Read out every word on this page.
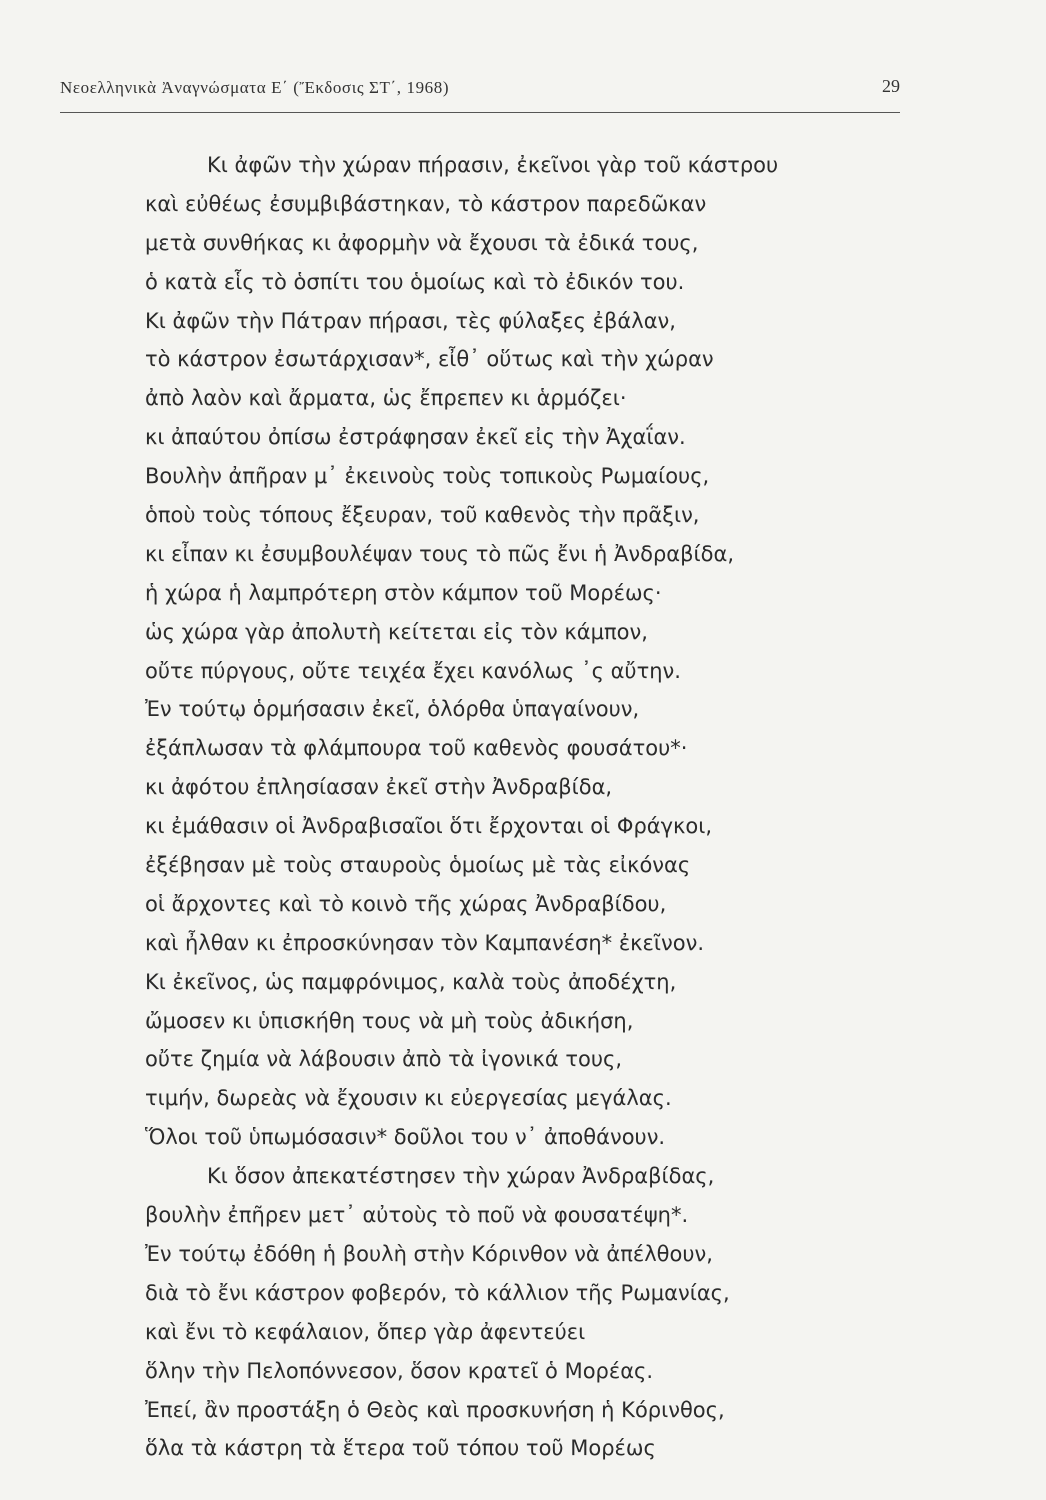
Νεοελληνικὰ Ἀναγνώσματα Ε΄ (Ἔκδοσις ΣΤ΄, 1968)	29
Κι ἀφῶν τὴν χώραν πήρασιν, ἐκεῖνοι γὰρ τοῦ κάστρου
καὶ εὐθέως ἐσυμβιβάστηκαν, τὸ κάστρον παρεδῶκαν
μετὰ συνθήκας κι ἀφορμὴν νὰ ἔχουσι τὰ ἐδικά τους,
ὁ κατὰ εἷς τὸ ὁσπίτι του ὁμοίως καὶ τὸ ἐδικόν του.
Κι ἀφῶν τὴν Πάτραν πήρασι, τὲς φύλαξες ἐβάλαν,
τὸ κάστρον ἐσωτάρχισαν*, εἶθ᾿ οὕτως καὶ τὴν χώραν
ἀπὸ λαὸν καὶ ἄρματα, ὡς ἔπρεπεν κι ἁρμόζει·
κι ἀπαύτου ὀπίσω ἐστράφησαν ἐκεῖ εἰς τὴν Ἀχαΐαν.
Βουλὴν ἀπῆραν μ᾿ ἐκεινοὺς τοὺς τοπικοὺς Ρωμαίους,
ὁποὺ τοὺς τόπους ἔξευραν, τοῦ καθενὸς τὴν πρᾶξιν,
κι εἶπαν κι ἐσυμβουλέψαν τους τὸ πῶς ἔνι ἡ Ἀνδραβίδα,
ἡ χώρα ἡ λαμπρότερη στὸν κάμπον τοῦ Μορέως·
ὡς χώρα γὰρ ἀπολυτὴ κείτεται εἰς τὸν κάμπον,
οὔτε πύργους, οὔτε τειχέα ἔχει κανόλως ᾿ς αὔτην.
Ἐν τούτῳ ὁρμήσασιν ἐκεῖ, ὁλόρθα ὑπαγαίνουν,
ἐξάπλωσαν τὰ φλάμπουρα τοῦ καθενὸς φουσάτου*·
κι ἀφότου ἐπλησίασαν ἐκεῖ στὴν Ἀνδραβίδα,
κι ἐμάθασιν οἱ Ἀνδραβισαῖοι ὅτι ἔρχονται οἱ Φράγκοι,
ἐξέβησαν μὲ τοὺς σταυροὺς ὁμοίως μὲ τὰς εἰκόνας
οἱ ἄρχοντες καὶ τὸ κοινὸ τῆς χώρας Ἀνδραβίδου,
καὶ ἦλθαν κι ἐπροσκύνησαν τὸν Καμπανέση* ἐκεῖνον.
Κι ἐκεῖνος, ὡς παμφρόνιμος, καλὰ τοὺς ἀποδέχτη,
ὤμοσεν κι ὑπισκήθη τους νὰ μὴ τοὺς ἀδικήση,
οὔτε ζημία νὰ λάβουσιν ἀπὸ τὰ ἰγονικά τους,
τιμήν, δωρεὰς νὰ ἔχουσιν κι εὐεργεσίας μεγάλας.
Ὅλοι τοῦ ὑπωμόσασιν* δοῦλοι του ν᾿ ἀποθάνουν.
Κι ὅσον ἀπεκατέστησεν τὴν χώραν Ἀνδραβίδας,
βουλὴν ἐπῆρεν μετ᾿ αὐτοὺς τὸ ποῦ νὰ φουσατέψη*.
Ἐν τούτῳ ἐδόθη ἡ βουλὴ στὴν Κόρινθον νὰ ἀπέλθουν,
διὰ τὸ ἔνι κάστρον φοβερόν, τὸ κάλλιον τῆς Ρωμανίας,
καὶ ἔνι τὸ κεφάλαιον, ὅπερ γὰρ ἀφεντεύει
ὅλην τὴν Πελοπόννεσον, ὅσον κρατεῖ ὁ Μορέας.
Ἐπεί, ἂν προστάξη ὁ Θεὸς καὶ προσκυνήση ἡ Κόρινθος,
ὅλα τὰ κάστρη τὰ ἕτερα τοῦ τόπου τοῦ Μορέως
